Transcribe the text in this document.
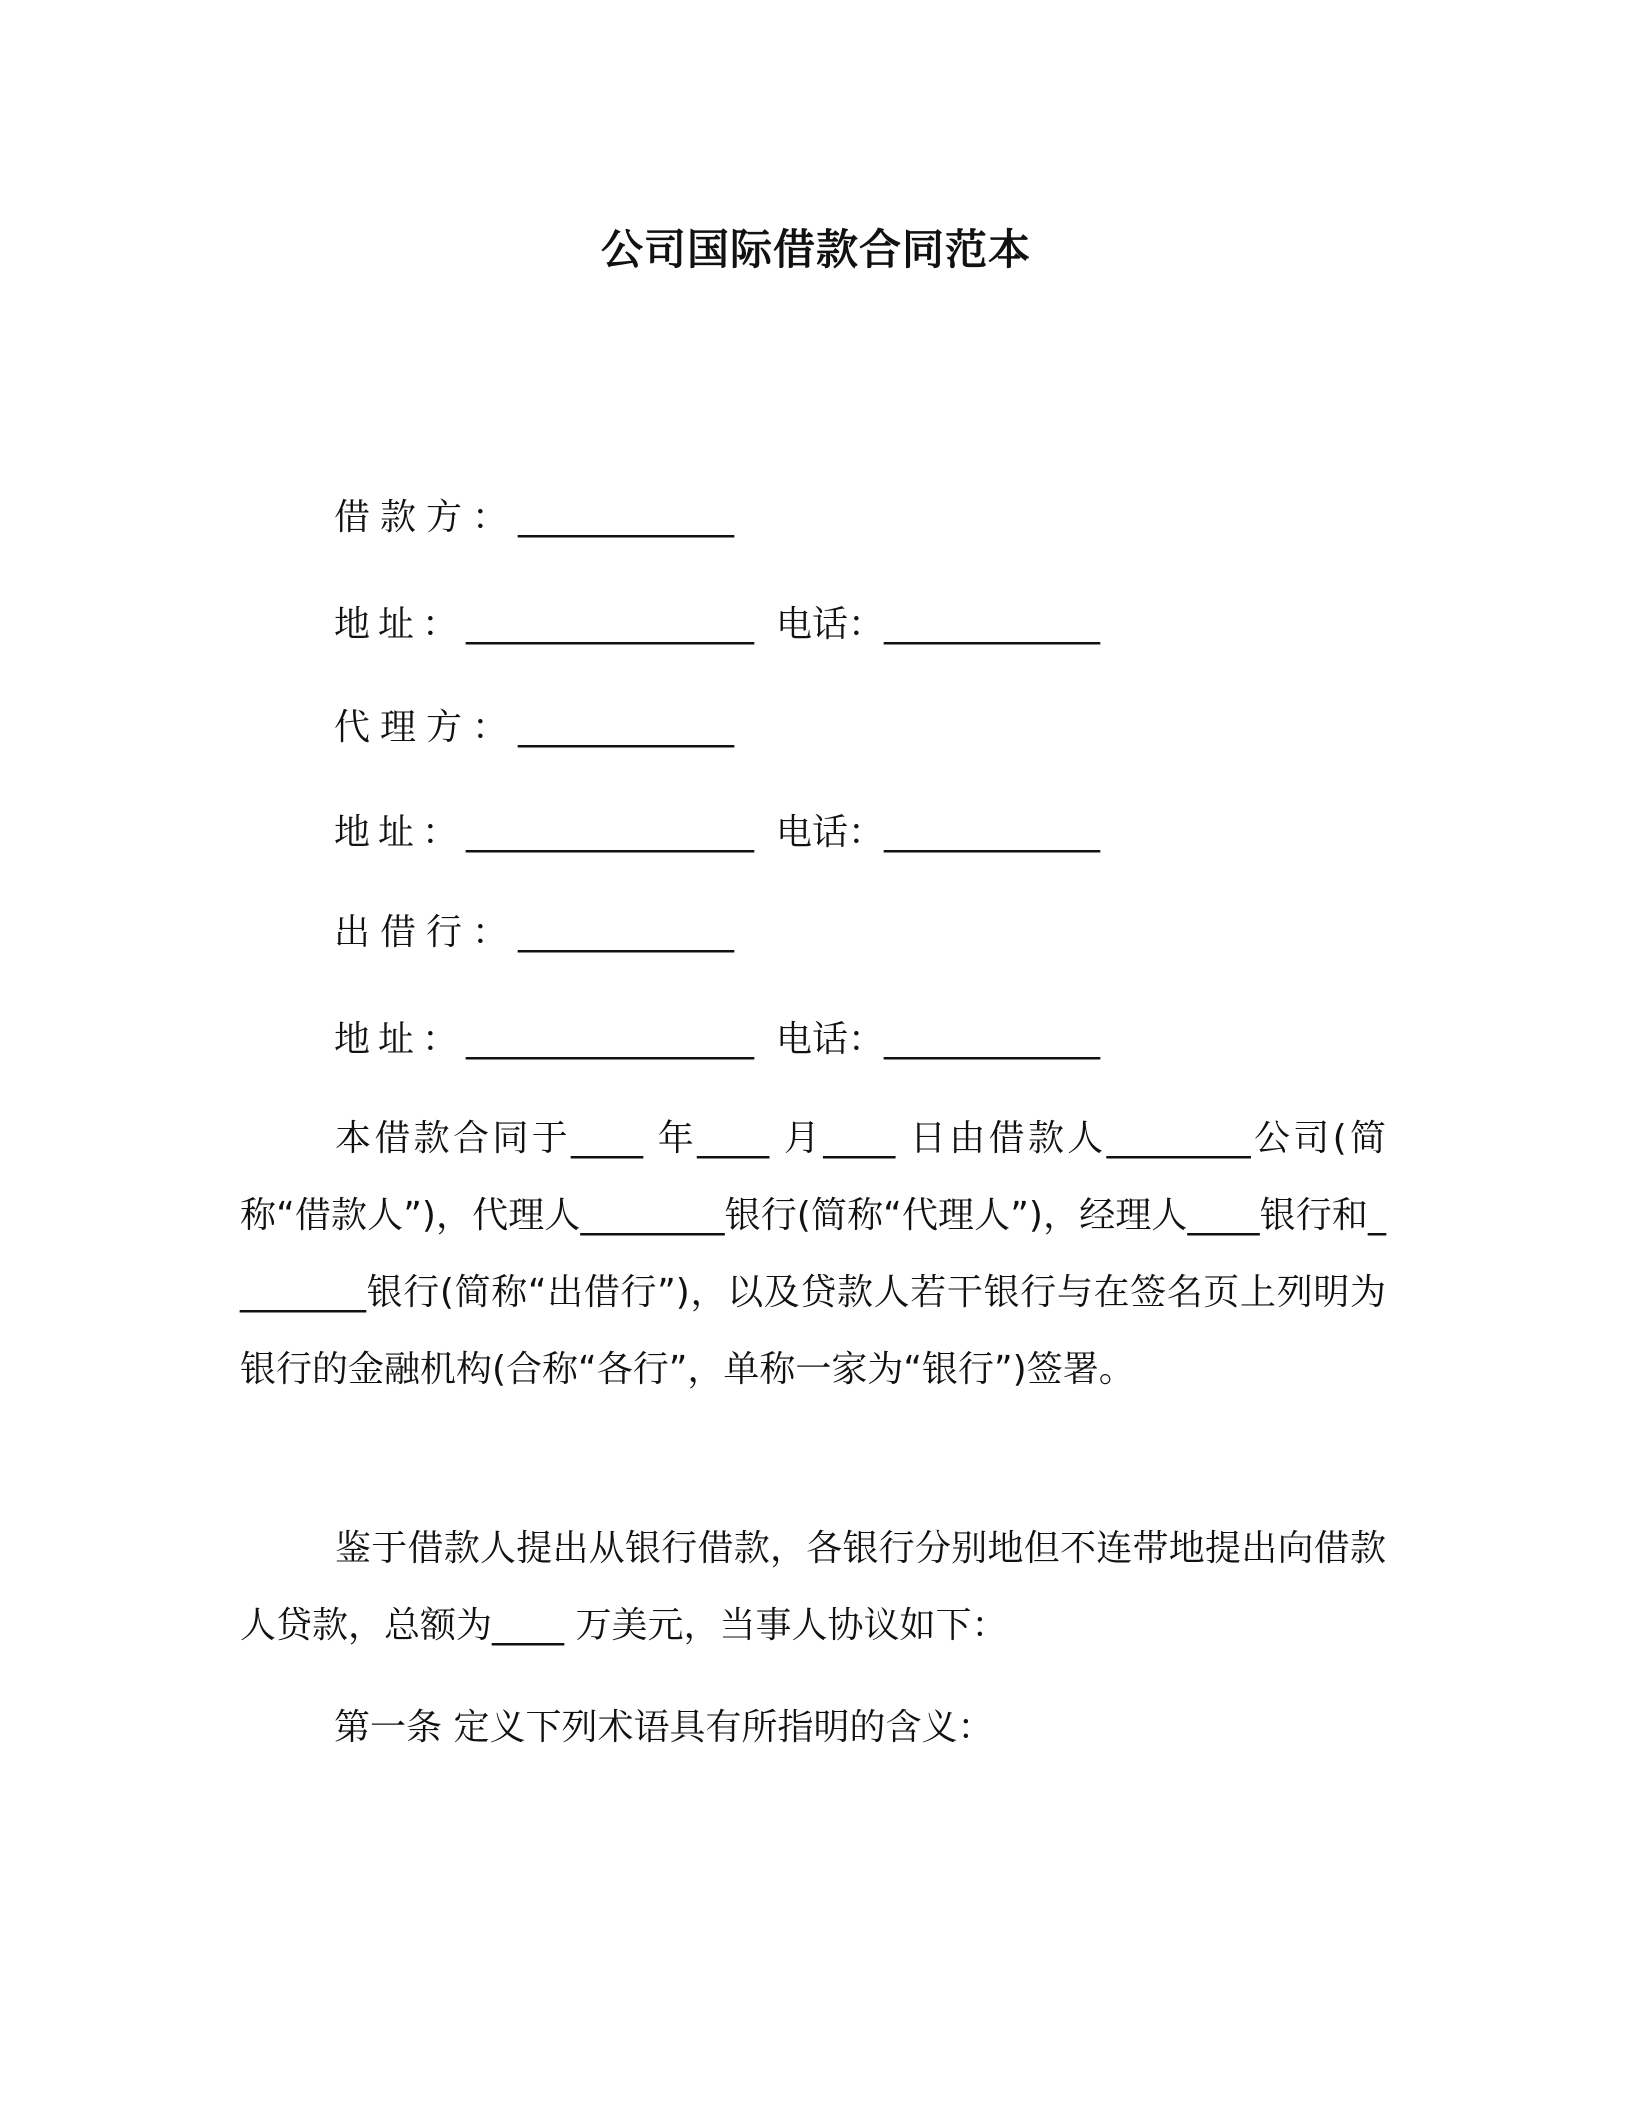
公司国际借款合同范本
借款方：____________
地址：________________ 电话：____________
代理方：____________
地址：________________ 电话：____________
出借行：____________
地址：________________ 电话：____________
本借款合同于____ 年____ 月____ 日由借款人________公司(简称“借款人”)，代理人________银行(简称“代理人”)，经理人____银行和________银行(简称“出借行”)，以及贷款人若干银行与在签名页上列明为银行的金融机构(合称“各行”，单称一家为“银行”)签署。
鉴于借款人提出从银行借款，各银行分别地但不连带地提出向借款人贷款，总额为____ 万美元，当事人协议如下：
第一条 定义下列术语具有所指明的含义：
